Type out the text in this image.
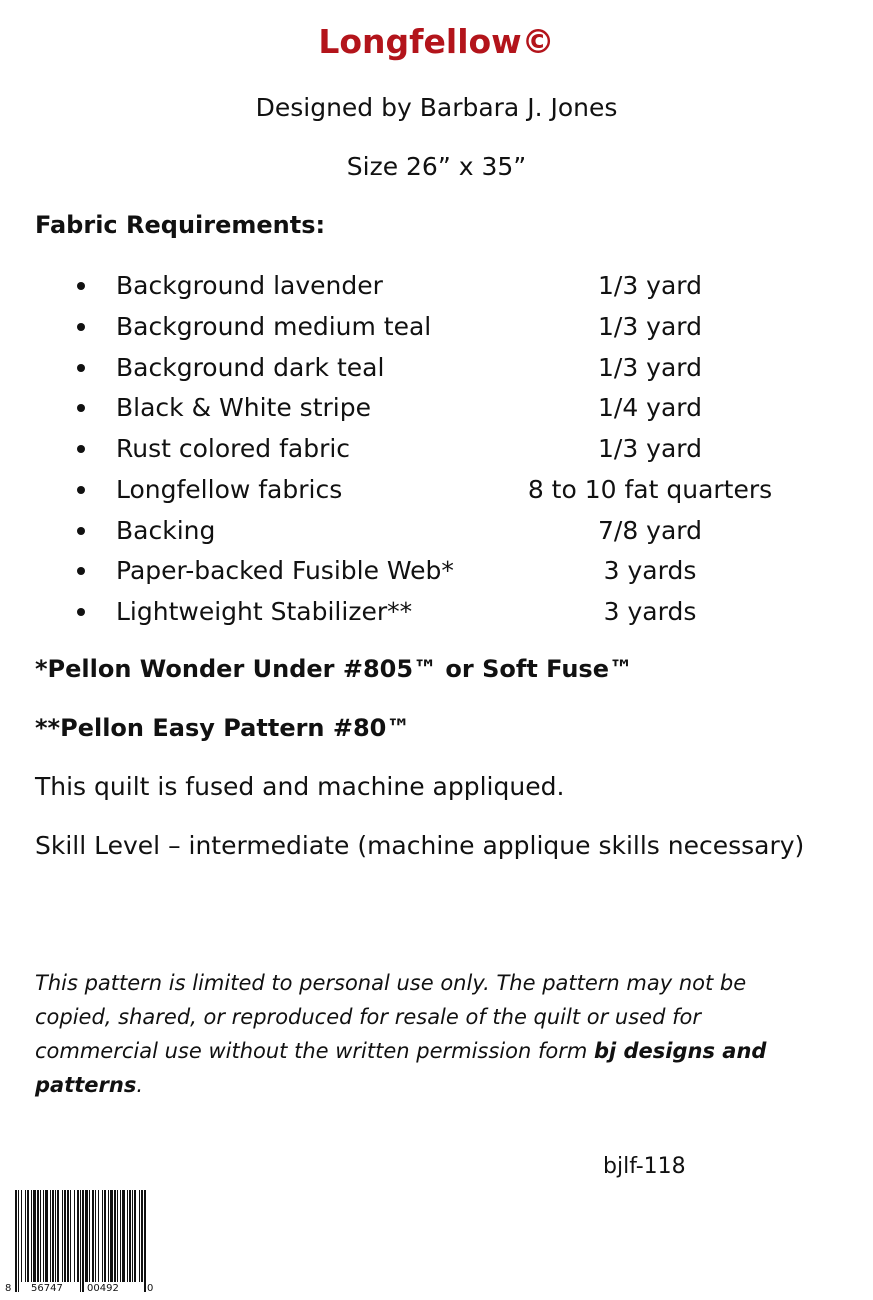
Longfellow©
Designed by Barbara J. Jones
Size 26” x 35”
Fabric Requirements:
Background lavender	1/3 yard
Background medium teal	1/3 yard
Background dark teal	1/3 yard
Black & White stripe	1/4 yard
Rust colored fabric	1/3 yard
Longfellow fabrics	8 to 10 fat quarters
Backing	7/8 yard
Paper-backed Fusible Web*	3 yards
Lightweight Stabilizer**	3 yards
*Pellon Wonder Under #805™ or Soft Fuse™
**Pellon Easy Pattern #80™
This quilt is fused and machine appliqued.
Skill Level – intermediate (machine applique skills necessary)

This pattern is limited to personal use only. The pattern may not be copied, shared, or reproduced for resale of the quilt or used for commercial use without the written permission form bj designs and patterns.

bjlf-118
8 56747 00492	0
